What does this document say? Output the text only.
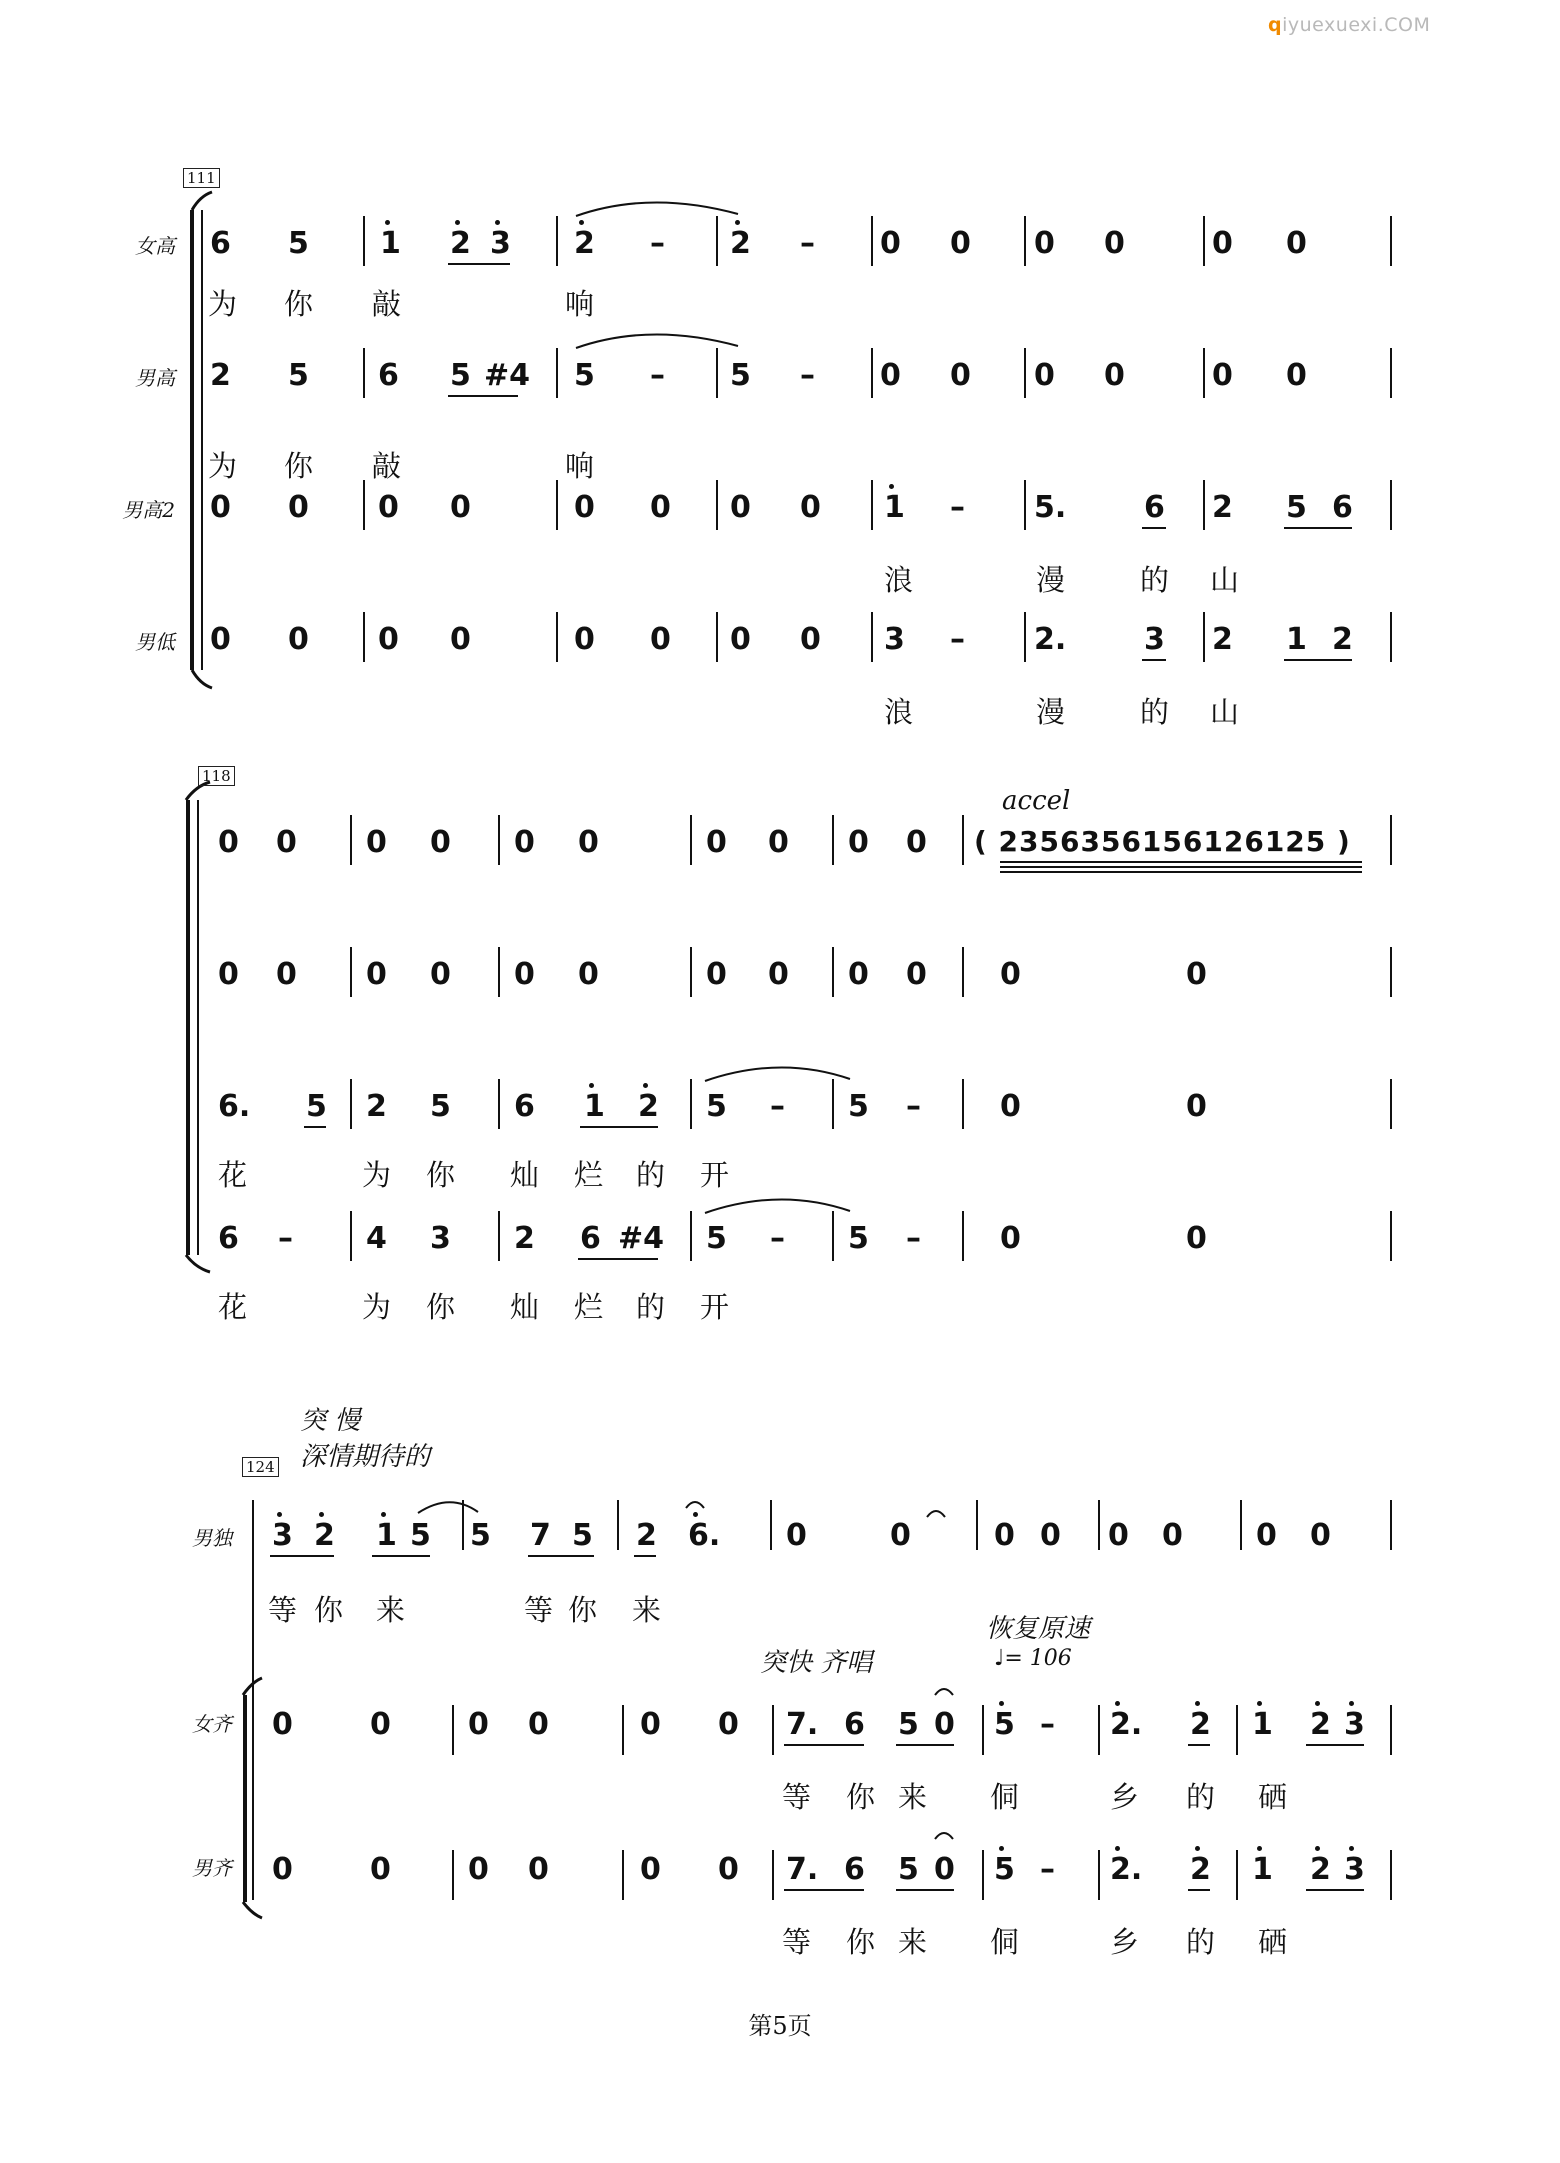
qiyuexuexi.COM
111
女高
男高
男高2
男低
6 5 1 2 3 2 – 2 – 0 0 0 0	0 0
为 你 敲	响
2 5 6 5 #4 5 – 5 – 0 0 0 0	0 0
为 你 敲	响
0 0 0 0	0 0 0 0 1 – 5.	6 2 5 6
浪	漫	的 山
0 0 0 0	0 0 0 0 3 – 2.	3 2 1 2
浪	漫	的 山
118
accel
0 0 0 0 0 0	0 0 0 0 ( 2356356156126125 )
0 0 0 0 0 0	0 0 0 0 0	0
6. 5 2 5 6 1 2 5 – 5 –	0	0
花	为 你 灿 烂 的 开
6 – 4 3 2 6 #4 5 – 5 –	0	0
花	为 你 灿 烂 的 开
突 慢
深情期待的
124
男独
女齐
男齐
突快 齐唱
恢复原速
♩= 106
3 2 1 5 5 7 5 2 6. 0	0	0 0 0 0 0 0
等 你 来	等 你 来
0	0	0 0	0 0 7. 6 5 0 5 – 2. 2 1 2 3
等 你 来 侗	乡 的 硒
0	0	0 0	0 0 7. 6 5 0 5 – 2. 2 1 2 3
等 你 来 侗	乡 的 硒
第5页
